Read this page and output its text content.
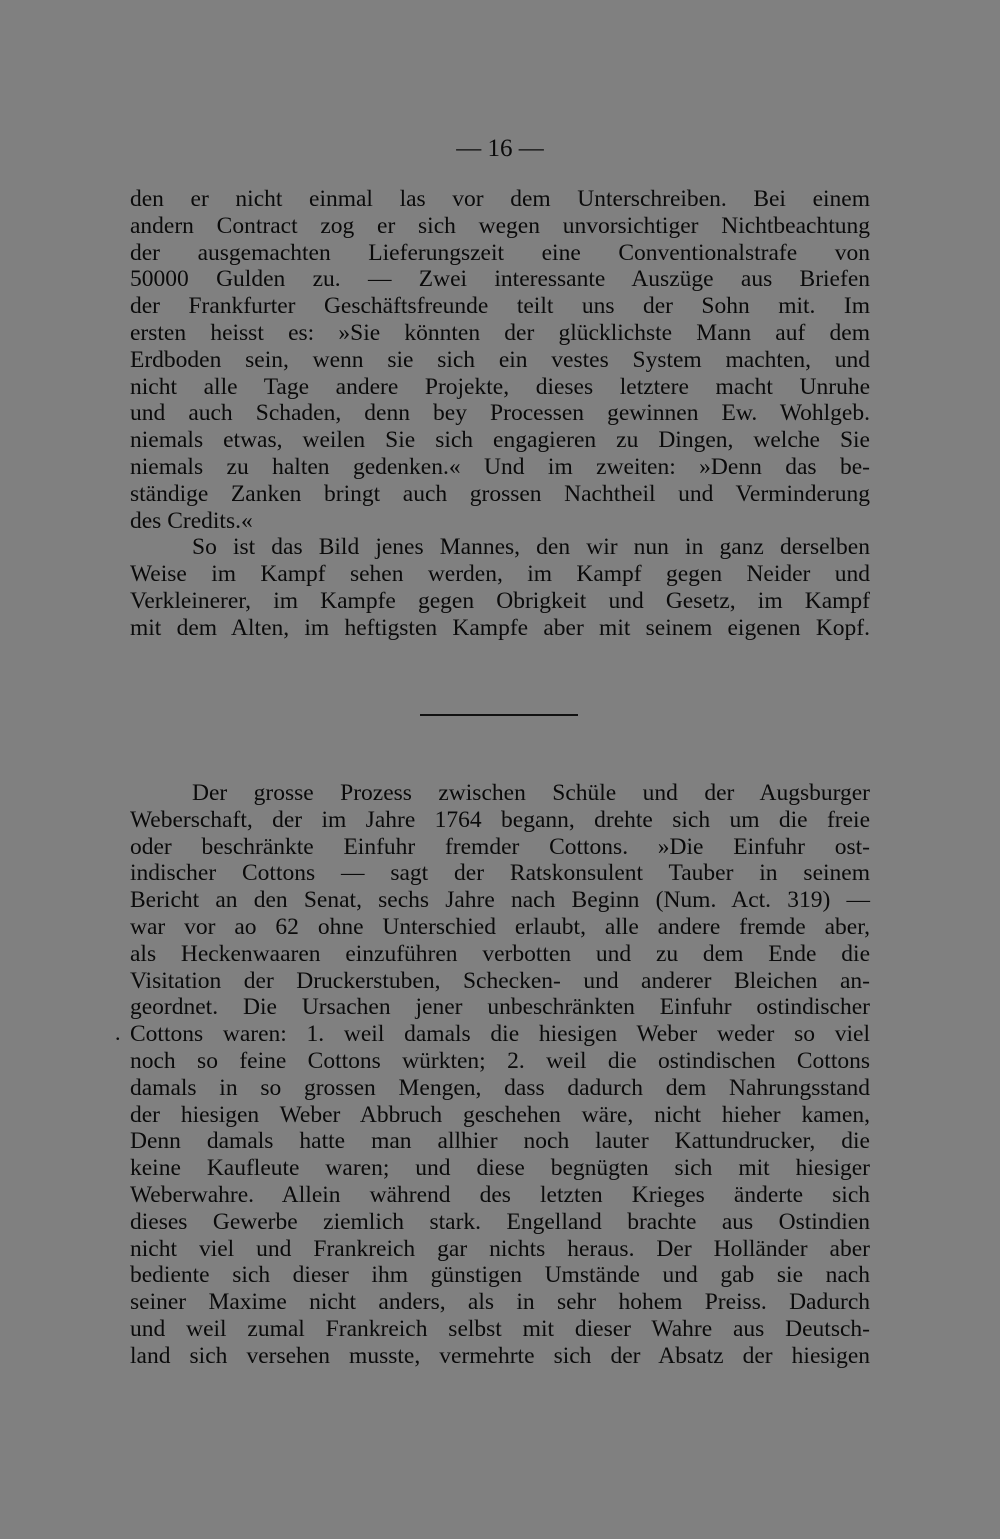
— 16 —
den er nicht einmal las vor dem Unterschreiben. Bei einem
andern Contract zog er sich wegen unvorsichtiger Nichtbeachtung
der ausgemachten Lieferungszeit eine Conventionalstrafe von
50000 Gulden zu. — Zwei interessante Auszüge aus Briefen
der Frankfurter Geschäftsfreunde teilt uns der Sohn mit. Im
ersten heisst es: »Sie könnten der glücklichste Mann auf dem
Erdboden sein, wenn sie sich ein vestes System machten, und
nicht alle Tage andere Projekte, dieses letztere macht Unruhe
und auch Schaden, denn bey Processen gewinnen Ew. Wohlgeb.
niemals etwas, weilen Sie sich engagieren zu Dingen, welche Sie
niemals zu halten gedenken.« Und im zweiten: »Denn das be-
ständige Zanken bringt auch grossen Nachtheil und Verminderung
des Credits.«
So ist das Bild jenes Mannes, den wir nun in ganz derselben
Weise im Kampf sehen werden, im Kampf gegen Neider und
Verkleinerer, im Kampfe gegen Obrigkeit und Gesetz, im Kampf
mit dem Alten, im heftigsten Kampfe aber mit seinem eigenen Kopf.
Der grosse Prozess zwischen Schüle und der Augsburger
Weberschaft, der im Jahre 1764 begann, drehte sich um die freie
oder beschränkte Einfuhr fremder Cottons. »Die Einfuhr ost-
indischer Cottons — sagt der Ratskonsulent Tauber in seinem
Bericht an den Senat, sechs Jahre nach Beginn (Num. Act. 319) —
war vor ao 62 ohne Unterschied erlaubt, alle andere fremde aber,
als Heckenwaaren einzuführen verbotten und zu dem Ende die
Visitation der Druckerstuben, Schecken- und anderer Bleichen an-
geordnet. Die Ursachen jener unbeschränkten Einfuhr ostindischer
Cottons waren: 1. weil damals die hiesigen Weber weder so viel
noch so feine Cottons würkten; 2. weil die ostindischen Cottons
damals in so grossen Mengen, dass dadurch dem Nahrungsstand
der hiesigen Weber Abbruch geschehen wäre, nicht hieher kamen,
Denn damals hatte man allhier noch lauter Kattundrucker, die
keine Kaufleute waren; und diese begnügten sich mit hiesiger
Weberwahre. Allein während des letzten Krieges änderte sich
dieses Gewerbe ziemlich stark. Engelland brachte aus Ostindien
nicht viel und Frankreich gar nichts heraus. Der Holländer aber
bediente sich dieser ihm günstigen Umstände und gab sie nach
seiner Maxime nicht anders, als in sehr hohem Preiss. Dadurch
und weil zumal Frankreich selbst mit dieser Wahre aus Deutsch-
land sich versehen musste, vermehrte sich der Absatz der hiesigen
.
